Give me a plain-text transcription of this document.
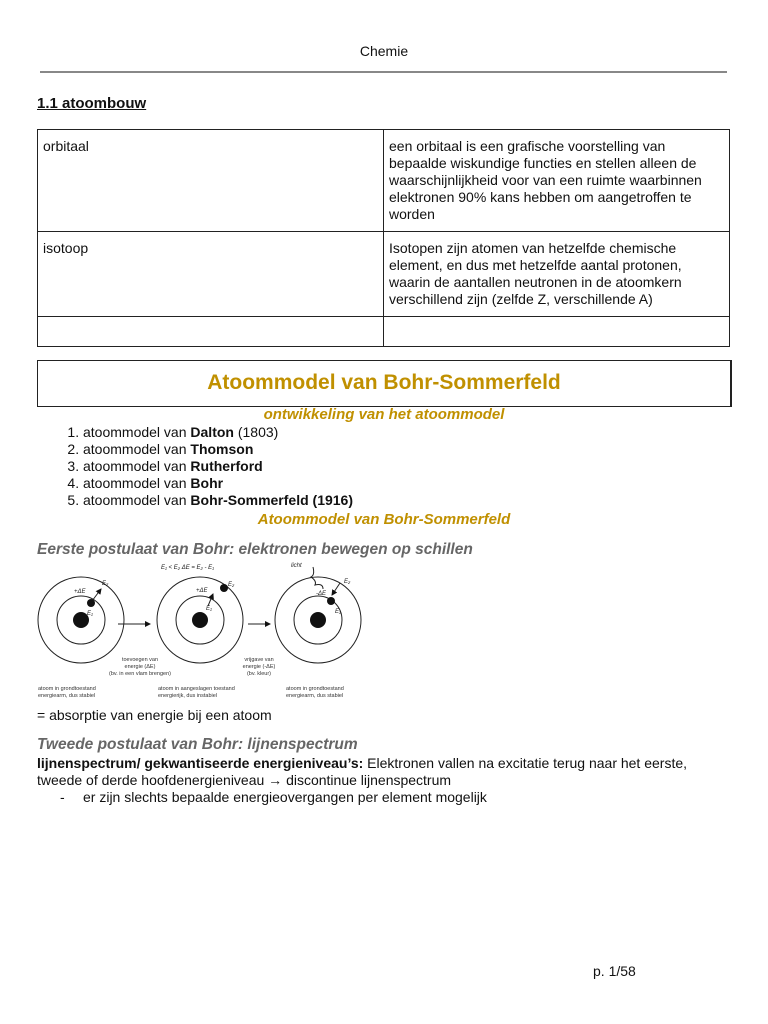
Chemie
1.1 atoombouw
orbitaal	een orbitaal is een grafische voorstelling van bepaalde wiskundige functies en stellen alleen de waarschijnlijkheid voor van een ruimte waarbinnen elektronen 90% kans hebben om aangetroffen te worden
isotoop	Isotopen zijn atomen van hetzelfde chemische element, en dus met hetzelfde aantal protonen, waarin de aantallen neutronen in de atoomkern verschillend zijn (zelfde Z, verschillende A)

Atoommodel van Bohr-Sommerfeld
ontwikkeling van het atoommodel
1. atoommodel van Dalton (1803)
2. atoommodel van Thomson
3. atoommodel van Rutherford
4. atoommodel van Bohr
5. atoommodel van Bohr-Sommerfeld (1916)
Atoommodel van Bohr-Sommerfeld
Eerste postulaat van Bohr: elektronen bewegen op schillen
E₁ < E₂ ΔE = E₂ - E₁	licht
+ΔE
E₂
E₁
+ΔE
E₂
E₁
-ΔE
E₂
E₁
toevoegen van
energie (ΔE)
(bv. in een vlam brengen)
vrijgave van
energie (-ΔE)
(bv. kleur)
atoom in grondtoestand
energiearm, dus stabiel
atoom in aangeslagen toestand
energierijk, dus instabiel
atoom in grondtoestand
energiearm, dus stabiel
= absorptie van energie bij een atoom
Tweede postulaat van Bohr: lijnenspectrum
lijnenspectrum/ gekwantiseerde energieniveau’s: Elektronen vallen na excitatie terug naar het eerste, tweede of derde hoofdenergieniveau → discontinue lijnenspectrum
- er zijn slechts bepaalde energieovergangen per element mogelijk
p. 1/58
